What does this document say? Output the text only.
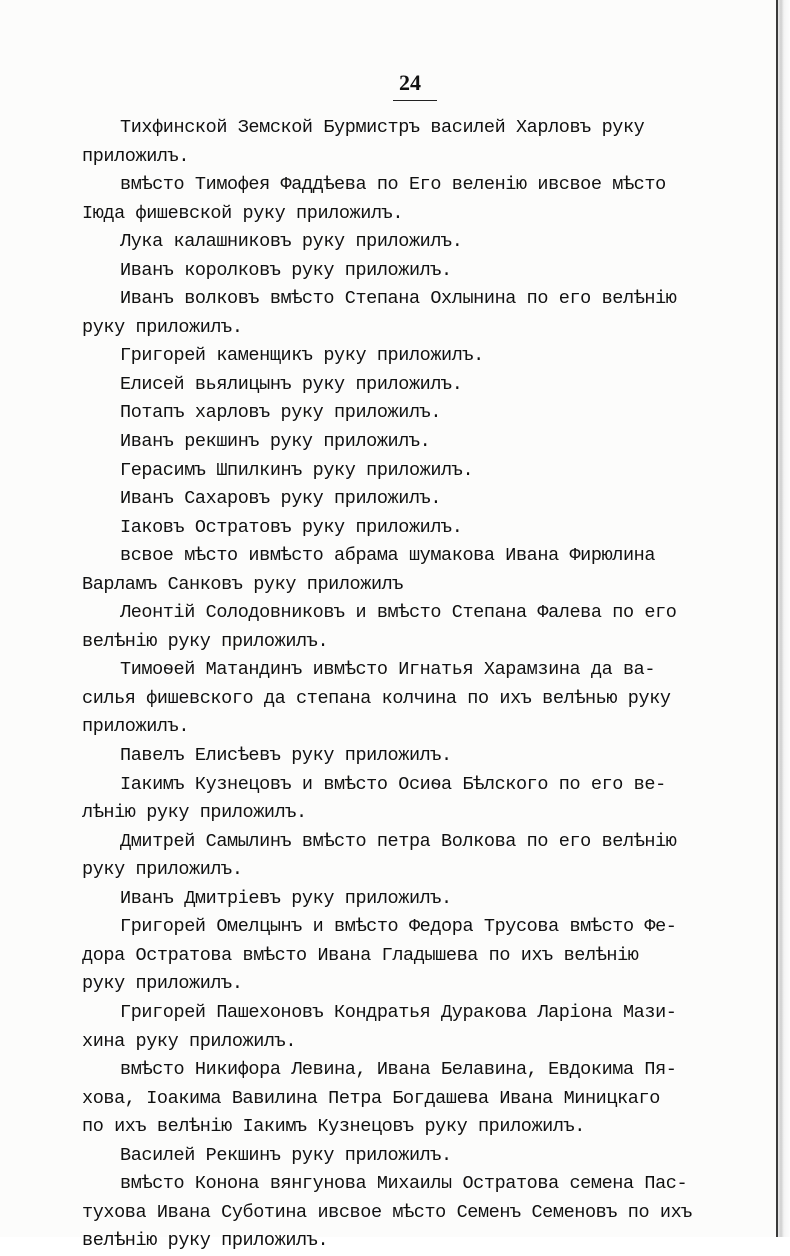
24
Тихфинской Земской Бурмистръ василей Харловъ руку
приложилъ.
вмѣсто Тимофея Фаддѣева по Его веленію ивсвое мѣсто
Іюда фишевской руку приложилъ.
Лука калашниковъ руку приложилъ.
Иванъ королковъ руку приложилъ.
Иванъ волковъ вмѣсто Степана Охлынина по его велѣнію
руку приложилъ.
Григорей каменщикъ руку приложилъ.
Елисей вьялицынъ руку приложилъ.
Потапъ харловъ руку приложилъ.
Иванъ рекшинъ руку приложилъ.
Герасимъ Шпилкинъ руку приложилъ.
Иванъ Сахаровъ руку приложилъ.
Іаковъ Остратовъ руку приложилъ.
всвое мѣсто ивмѣсто абрама шумакова Ивана Фирюлина
Варламъ Санковъ руку приложилъ
Леонтій Солодовниковъ и вмѣсто Степана Фалева по его
велѣнію руку приложилъ.
Тимоѳей Матандинъ ивмѣсто Игнатья Харамзина да ва-
силья фишевского да степана колчина по ихъ велѣнью руку
приложилъ.
Павелъ Елисѣевъ руку приложилъ.
Іакимъ Кузнецовъ и вмѣсто Осиѳа Бѣлского по его ве-
лѣнію руку приложилъ.
Дмитрей Самылинъ вмѣсто петра Волкова по его велѣнію
руку приложилъ.
Иванъ Дмитріевъ руку приложилъ.
Григорей Омелцынъ и вмѣсто Федора Трусова вмѣсто Фе-
дора Остратова вмѣсто Ивана Гладышева по ихъ велѣнію
руку приложилъ.
Григорей Пашехоновъ Кондратья Дуракова Ларіона Мази-
хина руку приложилъ.
вмѣсто Никифора Левина, Ивана Белавина, Евдокима Пя-
хова, Іоакима Вавилина Петра Богдашева Ивана Миницкаго
по ихъ велѣнію Іакимъ Кузнецовъ руку приложилъ.
Василей Рекшинъ руку приложилъ.
вмѣсто Конона вянгунова Михаилы Остратова семена Пас-
тухова Ивана Суботина ивсвое мѣсто Семенъ Семеновъ по ихъ
велѣнію руку приложилъ.
